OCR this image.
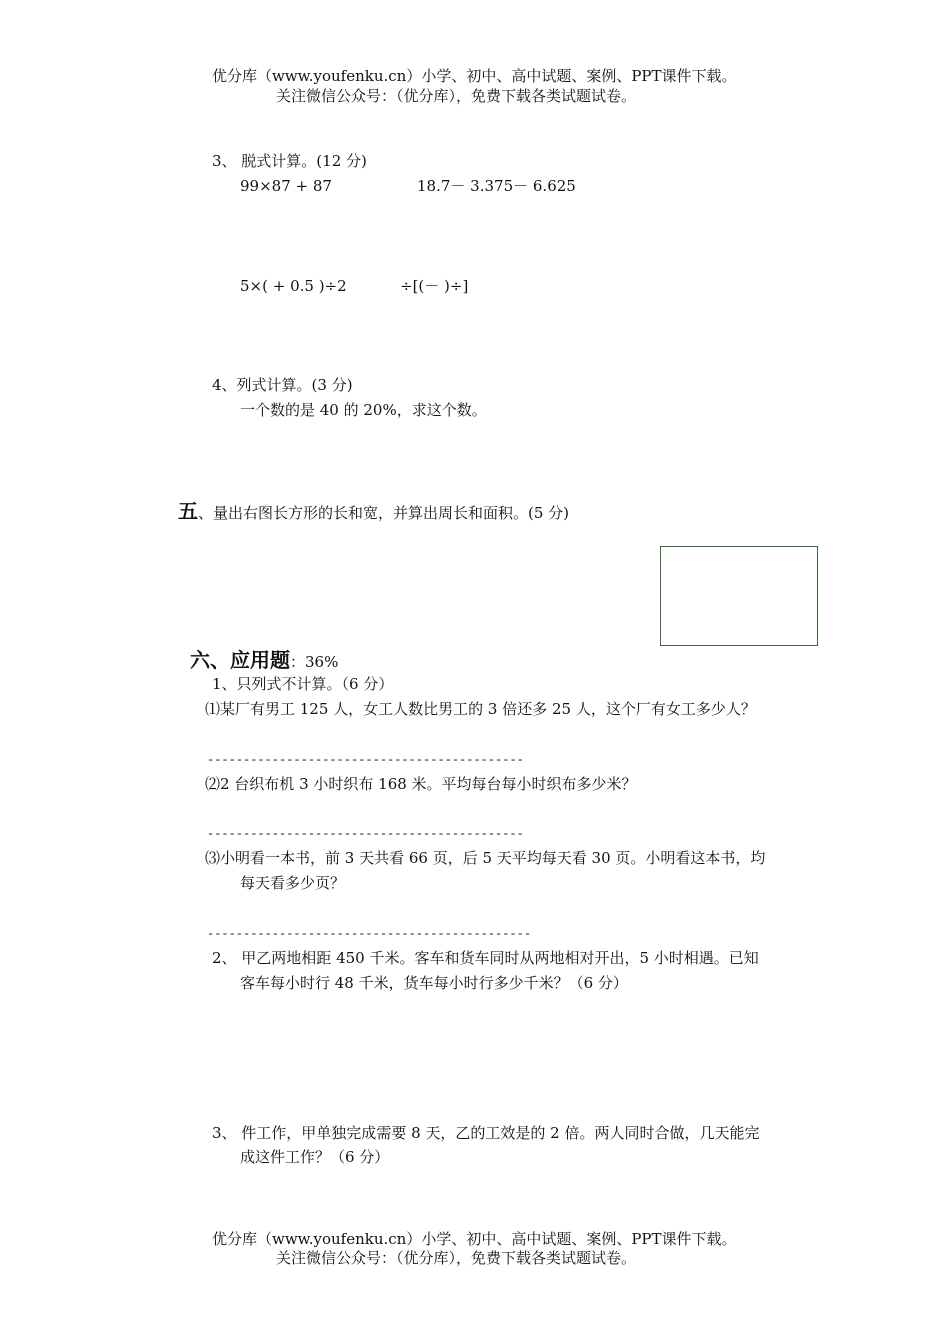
优分库（www.youfenku.cn）小学、初中、高中试题、案例、PPT课件下载。
关注微信公众号：（优分库），免费下载各类试题试卷。
3、 脱式计算。(12 分)
99×87 + 87	18.7－ 3.375－ 6.625
5×( + 0.5 )÷2	÷[(－ )÷]
4、列式计算。(3 分)
一个数的是 40 的 20%，求这个数。
五、量出右图长方形的长和宽，并算出周长和面积。(5 分)
六、应用题：36%
1、只列式不计算。（6 分）
⑴某厂有男工 125 人，女工人数比男工的 3 倍还多 25 人，这个厂有女工多少人？
--------------------------------------------
⑵2 台织布机 3 小时织布 168 米。平均每台每小时织布多少米？
--------------------------------------------
⑶小明看一本书，前 3 天共看 66 页，后 5 天平均每天看 30 页。小明看这本书，均
每天看多少页？
---------------------------------------------
2、 甲乙两地相距 450 千米。客车和货车同时从两地相对开出，5 小时相遇。已知
客车每小时行 48 千米，货车每小时行多少千米？（6 分）
3、 件工作，甲单独完成需要 8 天，乙的工效是的 2 倍。两人同时合做，几天能完
成这件工作？（6 分）
优分库（www.youfenku.cn）小学、初中、高中试题、案例、PPT课件下载。
关注微信公众号：（优分库），免费下载各类试题试卷。
